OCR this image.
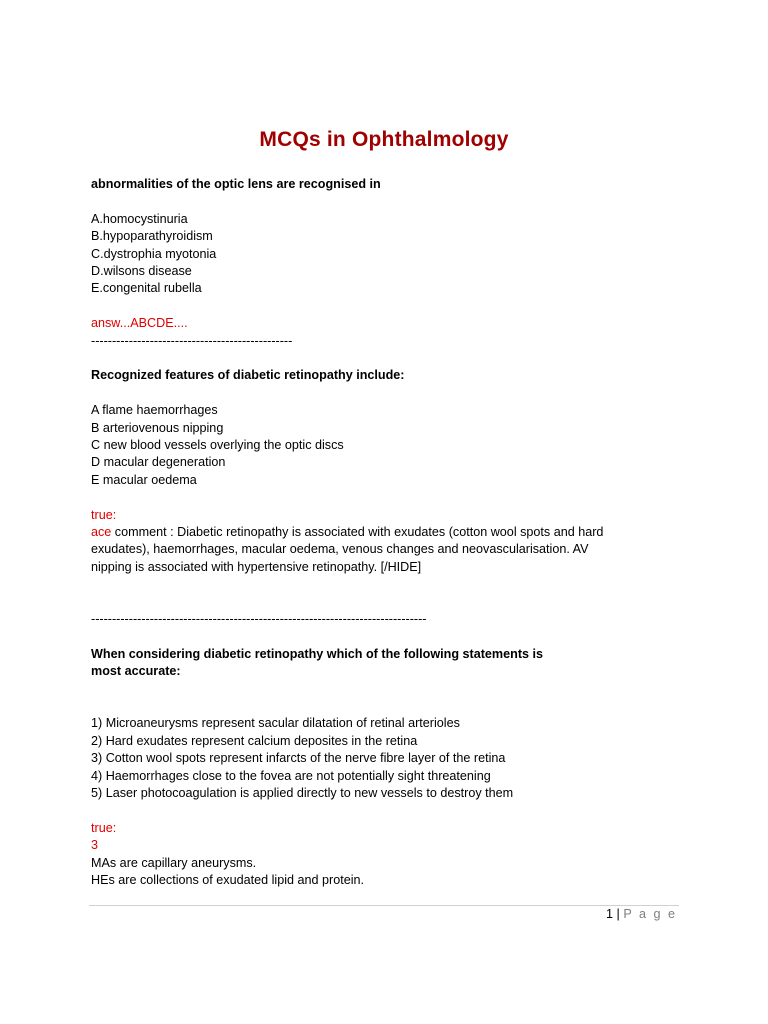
MCQs in Ophthalmology
abnormalities of the optic lens are recognised in
A.homocystinuria
B.hypoparathyroidism
C.dystrophia myotonia
D.wilsons disease
E.congenital rubella
answ...ABCDE....
------------------------------------------------
Recognized features of diabetic retinopathy include:
A flame haemorrhages
B arteriovenous nipping
C new blood vessels overlying the optic discs
D macular degeneration
E macular oedema
true:
ace comment : Diabetic retinopathy is associated with exudates (cotton wool spots and hard
exudates), haemorrhages, macular oedema, venous changes and neovascularisation. AV
nipping is associated with hypertensive retinopathy. [/HIDE]
--------------------------------------------------------------------------------
When considering diabetic retinopathy which of the following statements is
most accurate:
1) Microaneurysms represent sacular dilatation of retinal arterioles
2) Hard exudates represent calcium deposites in the retina
3) Cotton wool spots represent infarcts of the nerve fibre layer of the retina
4) Haemorrhages close to the fovea are not potentially sight threatening
5) Laser photocoagulation is applied directly to new vessels to destroy them
true:
3
MAs are capillary aneurysms.
HEs are collections of exudated lipid and protein.
1 | P a g e
